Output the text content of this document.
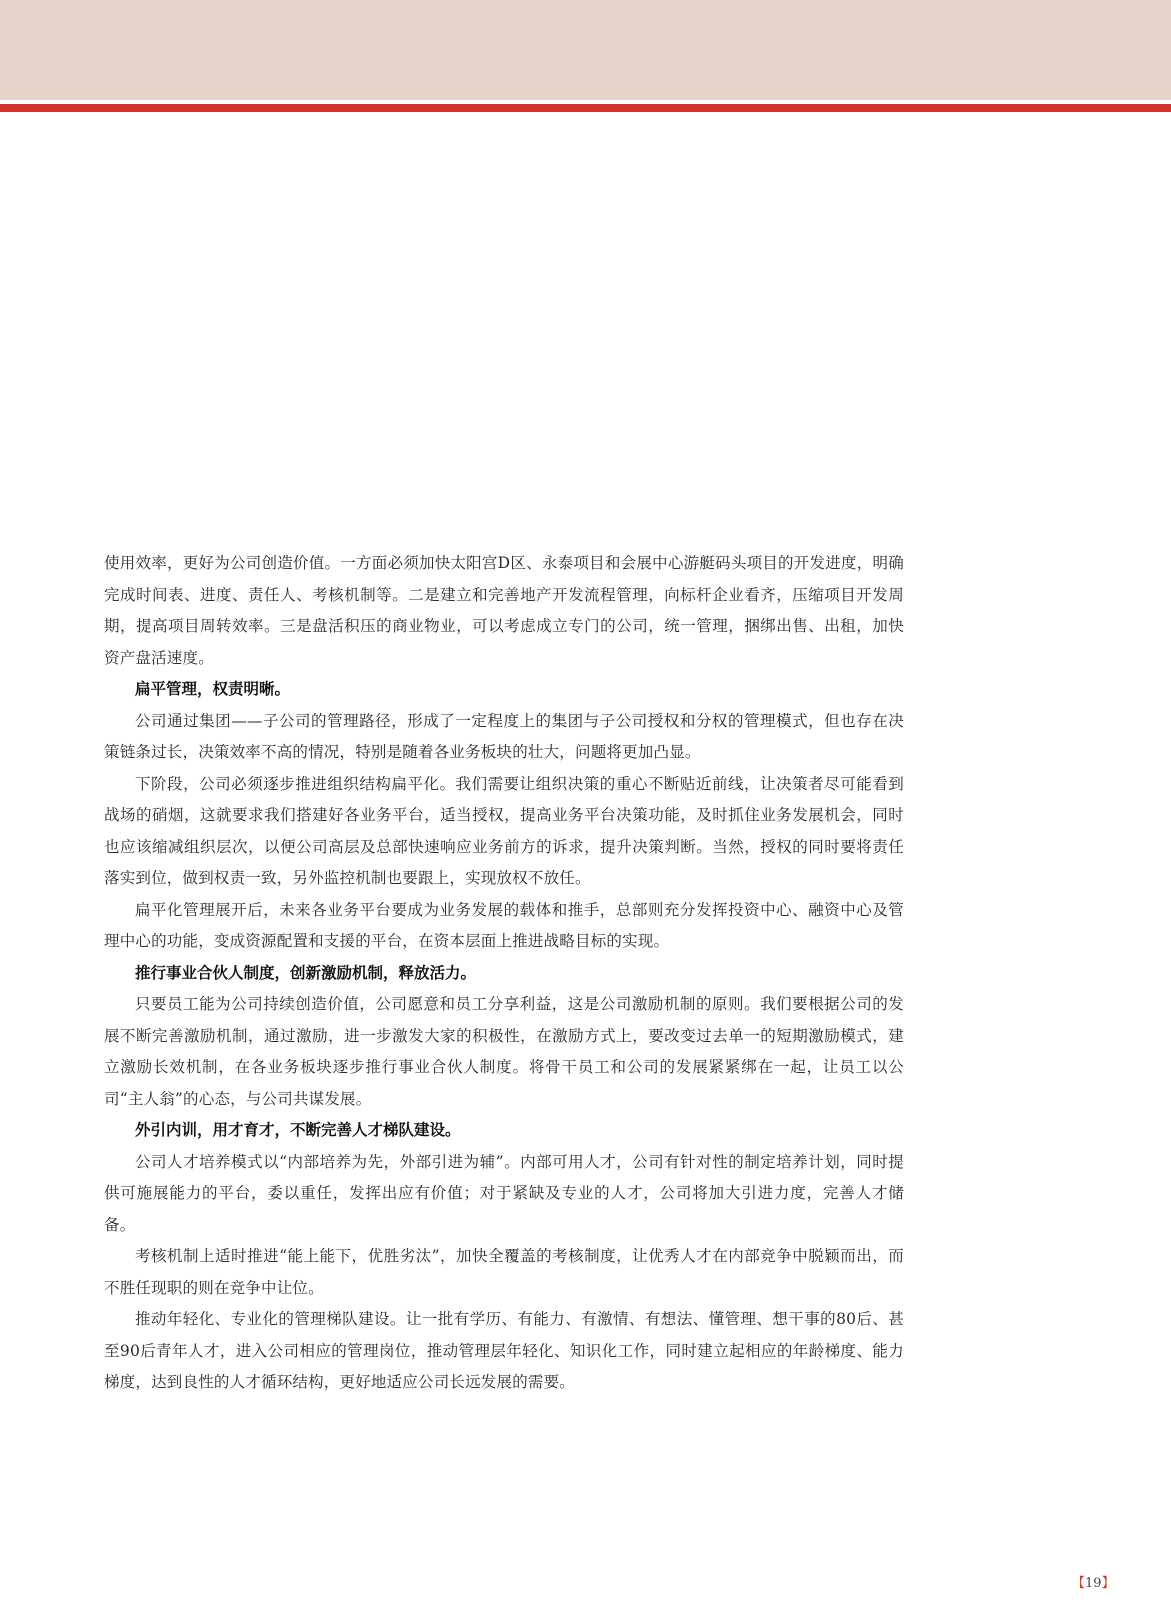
使用效率，更好为公司创造价值。一方面必须加快太阳宫D区、永泰项目和会展中心游艇码头项目的开发进度，明确完成时间表、进度、责任人、考核机制等。二是建立和完善地产开发流程管理，向标杆企业看齐，压缩项目开发周期，提高项目周转效率。三是盘活积压的商业物业，可以考虑成立专门的公司，统一管理，捆绑出售、出租，加快资产盘活速度。

扁平管理，权责明晰。

公司通过集团——子公司的管理路径，形成了一定程度上的集团与子公司授权和分权的管理模式，但也存在决策链条过长，决策效率不高的情况，特别是随着各业务板块的壮大，问题将更加凸显。

下阶段，公司必须逐步推进组织结构扁平化。我们需要让组织决策的重心不断贴近前线，让决策者尽可能看到战场的硝烟，这就要求我们搭建好各业务平台，适当授权，提高业务平台决策功能，及时抓住业务发展机会，同时也应该缩减组织层次，以便公司高层及总部快速响应业务前方的诉求，提升决策判断。当然，授权的同时要将责任落实到位，做到权责一致，另外监控机制也要跟上，实现放权不放任。

扁平化管理展开后，未来各业务平台要成为业务发展的载体和推手，总部则充分发挥投资中心、融资中心及管理中心的功能，变成资源配置和支援的平台，在资本层面上推进战略目标的实现。

推行事业合伙人制度，创新激励机制，释放活力。

只要员工能为公司持续创造价值，公司愿意和员工分享利益，这是公司激励机制的原则。我们要根据公司的发展不断完善激励机制，通过激励，进一步激发大家的积极性，在激励方式上，要改变过去单一的短期激励模式，建立激励长效机制，在各业务板块逐步推行事业合伙人制度。将骨干员工和公司的发展紧紧绑在一起，让员工以公司“主人翁”的心态，与公司共谋发展。

外引内训，用才育才，不断完善人才梯队建设。

公司人才培养模式以“内部培养为先，外部引进为辅”。内部可用人才，公司有针对性的制定培养计划，同时提供可施展能力的平台，委以重任，发挥出应有价值；对于紧缺及专业的人才，公司将加大引进力度，完善人才储备。

考核机制上适时推进“能上能下，优胜劣汰”，加快全覆盖的考核制度，让优秀人才在内部竞争中脱颖而出，而不胜任现职的则在竞争中让位。

推动年轻化、专业化的管理梯队建设。让一批有学历、有能力、有激情、有想法、懂管理、想干事的80后、甚至90后青年人才，进入公司相应的管理岗位，推动管理层年轻化、知识化工作，同时建立起相应的年龄梯度、能力梯度，达到良性的人才循环结构，更好地适应公司长远发展的需要。

【19】
